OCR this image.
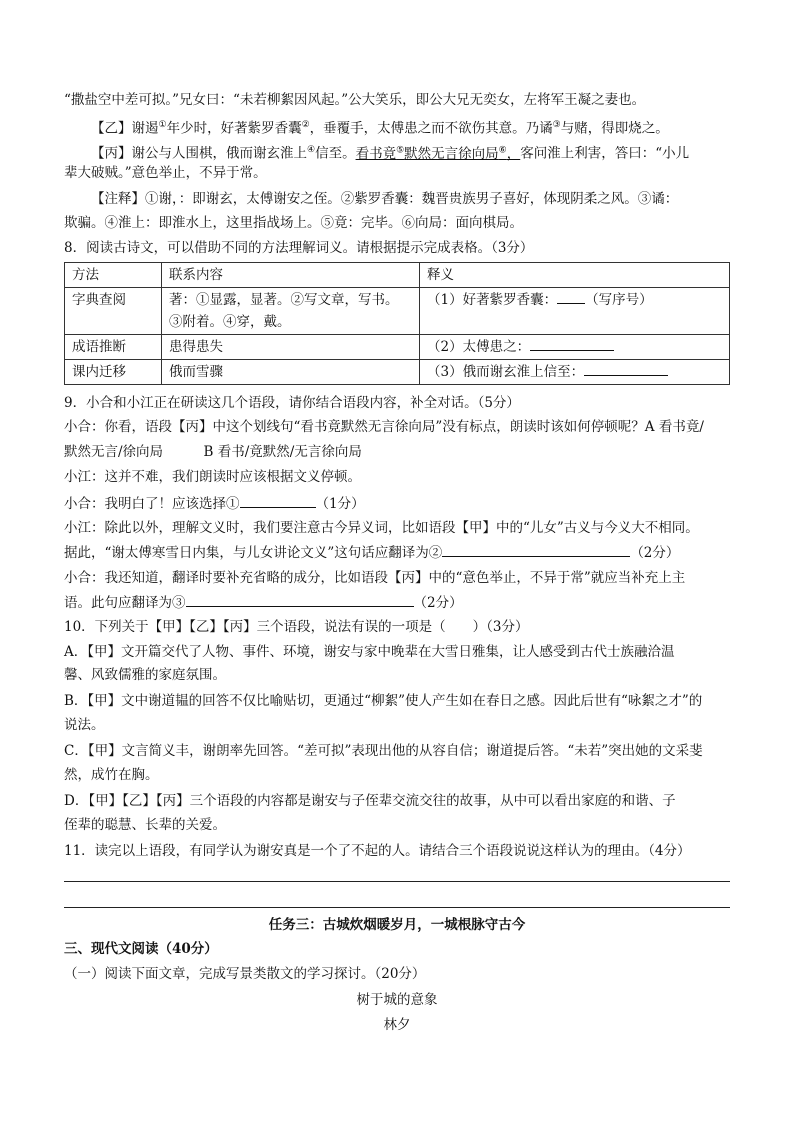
“撒盐空中差可拟。”兄女曰：“未若柳絮因风起。”公大笑乐，即公大兄无奕女，左将军王凝之妻也。
【乙】谢遏①年少时，好著紫罗香囊②，垂覆手，太傅患之而不欲伤其意。乃谲③与赌，得即烧之。
【丙】谢公与人围棋，俄而谢玄淮上④信至。看书竟⑤默然无言徐向局⑥，客问淮上利害，答曰：“小儿
辈大破贼。”意色举止，不异于常。
【注释】①谢，：即谢玄，太傅谢安之侄。②紫罗香囊：魏晋贵族男子喜好，体现阴柔之风。③谲：
欺骗。④淮上：即淮水上，这里指战场上。⑤竟：完毕。⑥向局：面向棋局。
8．阅读古诗文，可以借助不同的方法理解词义。请根据提示完成表格。（3分）
方法	联系内容	释义
字典查阅	著：①显露，显著。②写文章，写书。
③附着。④穿，戴。	（1）好著紫罗香囊： （写序号）
成语推断	患得患失	（2）太傅患之：
课内迁移	俄而雪骤	（3）俄而谢玄淮上信至：
9．小合和小江正在研读这几个语段，请你结合语段内容，补全对话。（5分）
小合：你看，语段【丙】中这个划线句“看书竟默然无言徐向局”没有标点，朗读时该如何停顿呢？A 看书竟/
默然无言/徐向局　　　B 看书/竟默然/无言徐向局
小江：这并不难，我们朗读时应该根据文义停顿。
小合：我明白了！应该选择①	（1分）
小江：除此以外，理解文义时，我们要注意古今异义词，比如语段【甲】中的“儿女”古义与今义大不相同。
据此，“谢太傅寒雪日内集，与儿女讲论文义”这句话应翻译为②	（2分）
小合：我还知道，翻译时要补充省略的成分，比如语段【丙】中的“意色举止，不异于常”就应当补充上主
语。此句应翻译为③	（2分）
10．下列关于【甲】【乙】【丙】三个语段，说法有误的一项是（　　）（3分）
A．【甲】文开篇交代了人物、事件、环境，谢安与家中晚辈在大雪日雅集，让人感受到古代士族融洽温
馨、风致儒雅的家庭氛围。
B．【甲】文中谢道韫的回答不仅比喻贴切，更通过“柳絮”使人产生如在春日之感。因此后世有“咏絮之才”的
说法。
C．【甲】文言简义丰，谢朗率先回答。“差可拟”表现出他的从容自信；谢道提后答。“未若”突出她的文采斐
然，成竹在胸。
D．【甲】【乙】【丙】三个语段的内容都是谢安与子侄辈交流交往的故事，从中可以看出家庭的和谐、子
侄辈的聪慧、长辈的关爱。
11．读完以上语段，有同学认为谢安真是一个了不起的人。请结合三个语段说说这样认为的理由。（4分）
任务三：古城炊烟暖岁月，一城根脉守古今
三、现代文阅读（40分）
（一）阅读下面文章，完成写景类散文的学习探讨。（20分）
树于城的意象
林夕
